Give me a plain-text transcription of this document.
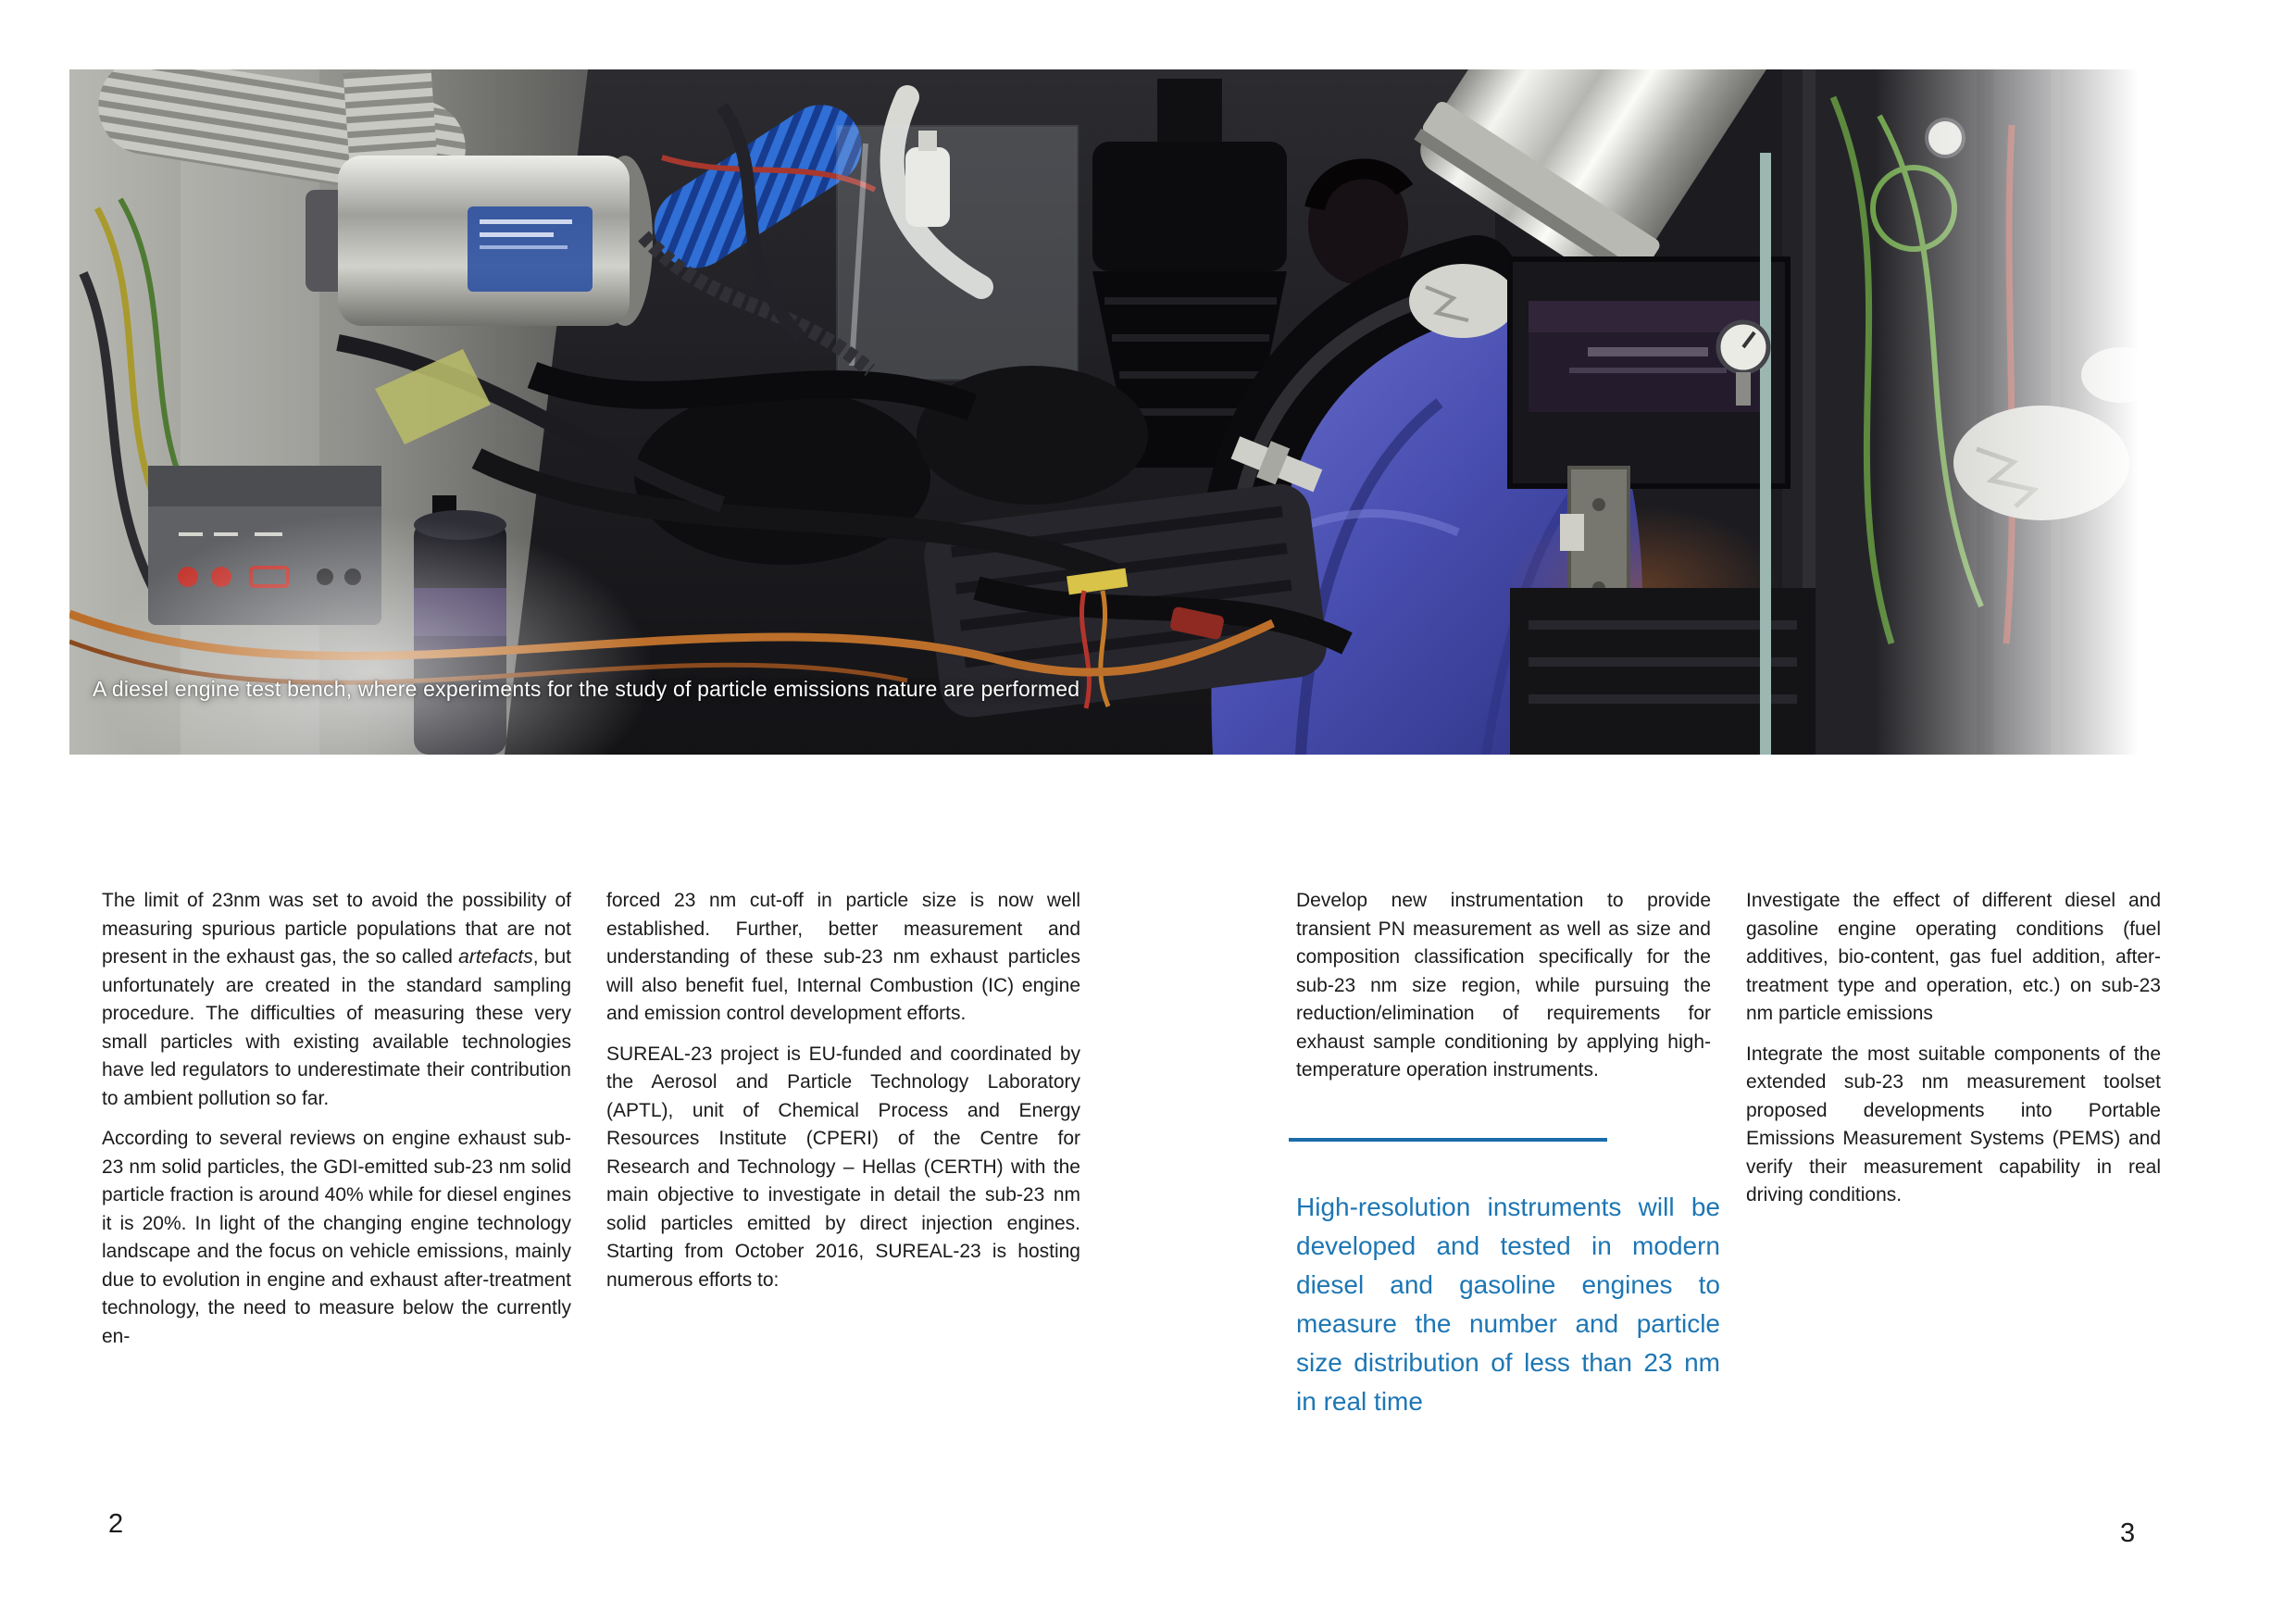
A diesel engine test bench, where experiments for the study of particle emissions nature are performed

The limit of 23nm was set to avoid the possibility of measuring spurious particle populations that are not present in the exhaust gas, the so called artefacts, but unfortunately are created in the standard sampling procedure. The difficulties of measuring these very small particles with existing available technologies have led regulators to underestimate their contribution to ambient pollution so far.

According to several reviews on engine exhaust sub-23 nm solid particles, the GDI-emitted sub-23 nm solid particle fraction is around 40% while for diesel engines it is 20%. In light of the changing engine technology landscape and the focus on vehicle emissions, mainly due to evolution in engine and exhaust after-treatment technology, the need to measure below the currently en-

forced 23 nm cut-off in particle size is now well established. Further, better measurement and understanding of these sub-23 nm exhaust particles will also benefit fuel, Internal Combustion (IC) engine and emission control development efforts.

SUREAL-23 project is EU-funded and coordinated by the Aerosol and Particle Technology Laboratory (APTL), unit of Chemical Process and Energy Resources Institute (CPERI) of the Centre for Research and Technology – Hellas (CERTH) with the main objective to investigate in detail the sub-23 nm solid particles emitted by direct injection engines. Starting from October 2016, SUREAL-23 is hosting numerous efforts to:

Develop new instrumentation to provide transient PN measurement as well as size and composition classification specifically for the sub-23 nm size region, while pursuing the reduction/elimination of requirements for exhaust sample conditioning by applying high-temperature operation instruments.

High-resolution instruments will be developed and tested in modern diesel and gasoline engines to measure the number and particle size distribution of less than 23 nm in real time

Investigate the effect of different diesel and gasoline engine operating conditions (fuel additives, bio-content, gas fuel addition, after-treatment type and operation, etc.) on sub-23 nm particle emissions

Integrate the most suitable components of the extended sub-23 nm measurement toolset proposed developments into Portable Emissions Measurement Systems (PEMS) and verify their measurement capability in real driving conditions.

2	3
